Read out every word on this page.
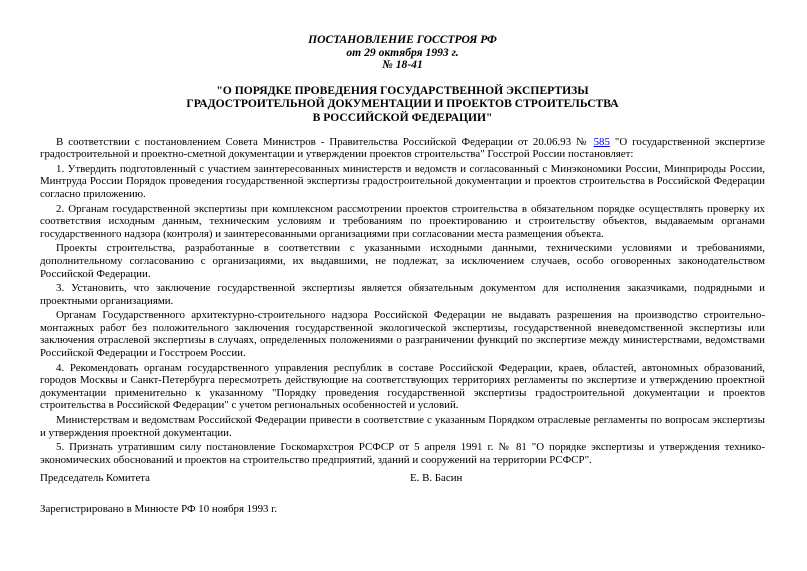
ПОСТАНОВЛЕНИЕ ГОССТРОЯ РФ
от 29 октября 1993 г.
№ 18-41
"О ПОРЯДКЕ ПРОВЕДЕНИЯ ГОСУДАРСТВЕННОЙ ЭКСПЕРТИЗЫ
ГРАДОСТРОИТЕЛЬНОЙ ДОКУМЕНТАЦИИ И ПРОЕКТОВ СТРОИТЕЛЬСТВА
В РОССИЙСКОЙ ФЕДЕРАЦИИ"

В соответствии с постановлением Совета Министров - Правительства Российской Федерации от 20.06.93 № 585 "О государственной экспертизе градостроительной и проектно-сметной документации и утверждении проектов строительства" Госстрой России постановляет:

1. Утвердить подготовленный с участием заинтересованных министерств и ведомств и согласованный с Минэкономики России, Минприроды России, Минтруда России Порядок проведения государственной экспертизы градостроительной документации и проектов строительства в Российской Федерации согласно приложению.

2. Органам государственной экспертизы при комплексном рассмотрении проектов строительства в обязательном порядке осуществлять проверку их соответствия исходным данным, техническим условиям и требованиям по проектированию и строительству объектов, выдаваемым органами государственного надзора (контроля) и заинтересованными организациями при согласовании места размещения объекта.

Проекты строительства, разработанные в соответствии с указанными исходными данными, техническими условиями и требованиями, дополнительному согласованию с организациями, их выдавшими, не подлежат, за исключением случаев, особо оговоренных законодательством Российской Федерации.

3. Установить, что заключение государственной экспертизы является обязательным документом для исполнения заказчиками, подрядными и проектными организациями.

Органам Государственного архитектурно-строительного надзора Российской Федерации не выдавать разрешения на производство строительно-монтажных работ без положительного заключения государственной экологической экспертизы, государственной вневедомственной экспертизы или заключения отраслевой экспертизы в случаях, определенных положениями о разграничении функций по экспертизе между министерствами, ведомствами Российской Федерации и Госстроем России.

4. Рекомендовать органам государственного управления республик в составе Российской Федерации, краев, областей, автономных образований, городов Москвы и Санкт-Петербурга пересмотреть действующие на соответствующих территориях регламенты по экспертизе и утверждению проектной документации применительно к указанному "Порядку проведения государственной экспертизы градостроительной документации и проектов строительства в Российской Федерации" с учетом региональных особенностей и условий.

Министерствам и ведомствам Российской Федерации привести в соответствие с указанным Порядком отраслевые регламенты по вопросам экспертизы и утверждения проектной документации.

5. Признать утратившим силу постановление Госкомархстроя РСФСР от 5 апреля 1991 г. № 81 "О порядке экспертизы и утверждения технико-экономических обоснований и проектов на строительство предприятий, зданий и сооружений на территории РСФСР".

Председатель Комитета	Е. В. Басин
Зарегистрировано в Минюсте РФ 10 ноября 1993 г.
